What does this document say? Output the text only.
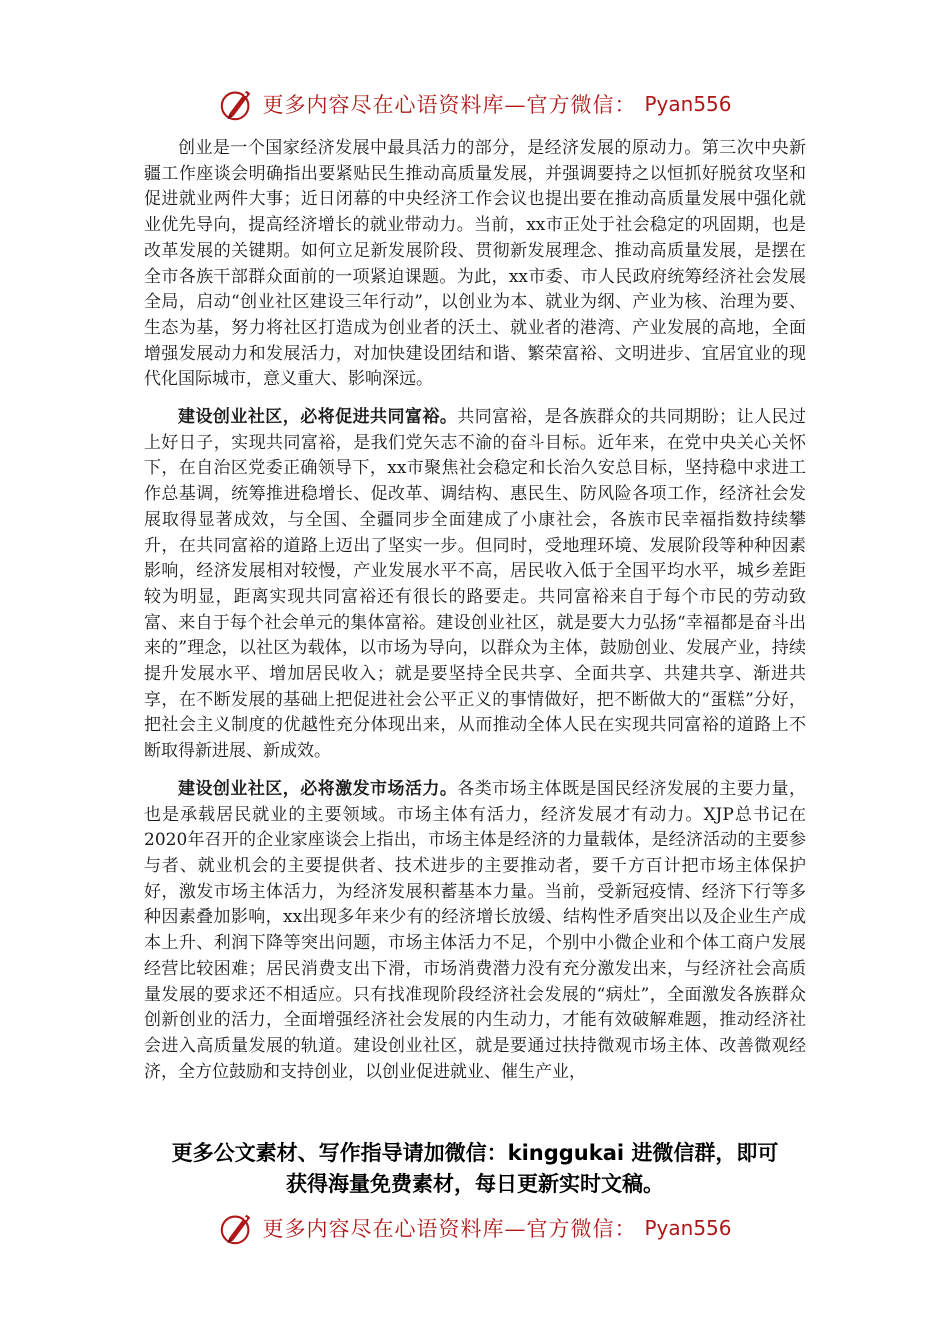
更多内容尽在心语资料库—官方微信： Pyan556

创业是一个国家经济发展中最具活力的部分，是经济发展的原动力。第三次中央新疆工作座谈会明确指出要紧贴民生推动高质量发展，并强调要持之以恒抓好脱贫攻坚和促进就业两件大事；近日闭幕的中央经济工作会议也提出要在推动高质量发展中强化就业优先导向，提高经济增长的就业带动力。当前，xx市正处于社会稳定的巩固期，也是改革发展的关键期。如何立足新发展阶段、贯彻新发展理念、推动高质量发展，是摆在全市各族干部群众面前的一项紧迫课题。为此，xx市委、市人民政府统筹经济社会发展全局，启动“创业社区建设三年行动”，以创业为本、就业为纲、产业为核、治理为要、生态为基，努力将社区打造成为创业者的沃土、就业者的港湾、产业发展的高地，全面增强发展动力和发展活力，对加快建设团结和谐、繁荣富裕、文明进步、宜居宜业的现代化国际城市，意义重大、影响深远。

建设创业社区，必将促进共同富裕。共同富裕，是各族群众的共同期盼；让人民过上好日子，实现共同富裕，是我们党矢志不渝的奋斗目标。近年来，在党中央关心关怀下，在自治区党委正确领导下，xx市聚焦社会稳定和长治久安总目标，坚持稳中求进工作总基调，统筹推进稳增长、促改革、调结构、惠民生、防风险各项工作，经济社会发展取得显著成效，与全国、全疆同步全面建成了小康社会，各族市民幸福指数持续攀升，在共同富裕的道路上迈出了坚实一步。但同时，受地理环境、发展阶段等种种因素影响，经济发展相对较慢，产业发展水平不高，居民收入低于全国平均水平，城乡差距较为明显，距离实现共同富裕还有很长的路要走。共同富裕来自于每个市民的劳动致富、来自于每个社会单元的集体富裕。建设创业社区，就是要大力弘扬“幸福都是奋斗出来的”理念，以社区为载体，以市场为导向，以群众为主体，鼓励创业、发展产业，持续提升发展水平、增加居民收入；就是要坚持全民共享、全面共享、共建共享、渐进共享，在不断发展的基础上把促进社会公平正义的事情做好，把不断做大的“蛋糕”分好，把社会主义制度的优越性充分体现出来，从而推动全体人民在实现共同富裕的道路上不断取得新进展、新成效。

建设创业社区，必将激发市场活力。各类市场主体既是国民经济发展的主要力量，也是承载居民就业的主要领域。市场主体有活力，经济发展才有动力。XJP总书记在2020年召开的企业家座谈会上指出，市场主体是经济的力量载体，是经济活动的主要参与者、就业机会的主要提供者、技术进步的主要推动者，要千方百计把市场主体保护好，激发市场主体活力，为经济发展积蓄基本力量。当前，受新冠疫情、经济下行等多种因素叠加影响，xx出现多年来少有的经济增长放缓、结构性矛盾突出以及企业生产成本上升、利润下降等突出问题，市场主体活力不足，个别中小微企业和个体工商户发展经营比较困难；居民消费支出下滑，市场消费潜力没有充分激发出来，与经济社会高质量发展的要求还不相适应。只有找准现阶段经济社会发展的“病灶”，全面激发各族群众创新创业的活力，全面增强经济社会发展的内生动力，才能有效破解难题，推动经济社会进入高质量发展的轨道。建设创业社区，就是要通过扶持微观市场主体、改善微观经济，全方位鼓励和支持创业，以创业促进就业、催生产业，

更多公文素材、写作指导请加微信：kinggukai 进微信群，即可
获得海量免费素材，每日更新实时文稿。
更多内容尽在心语资料库—官方微信： Pyan556
